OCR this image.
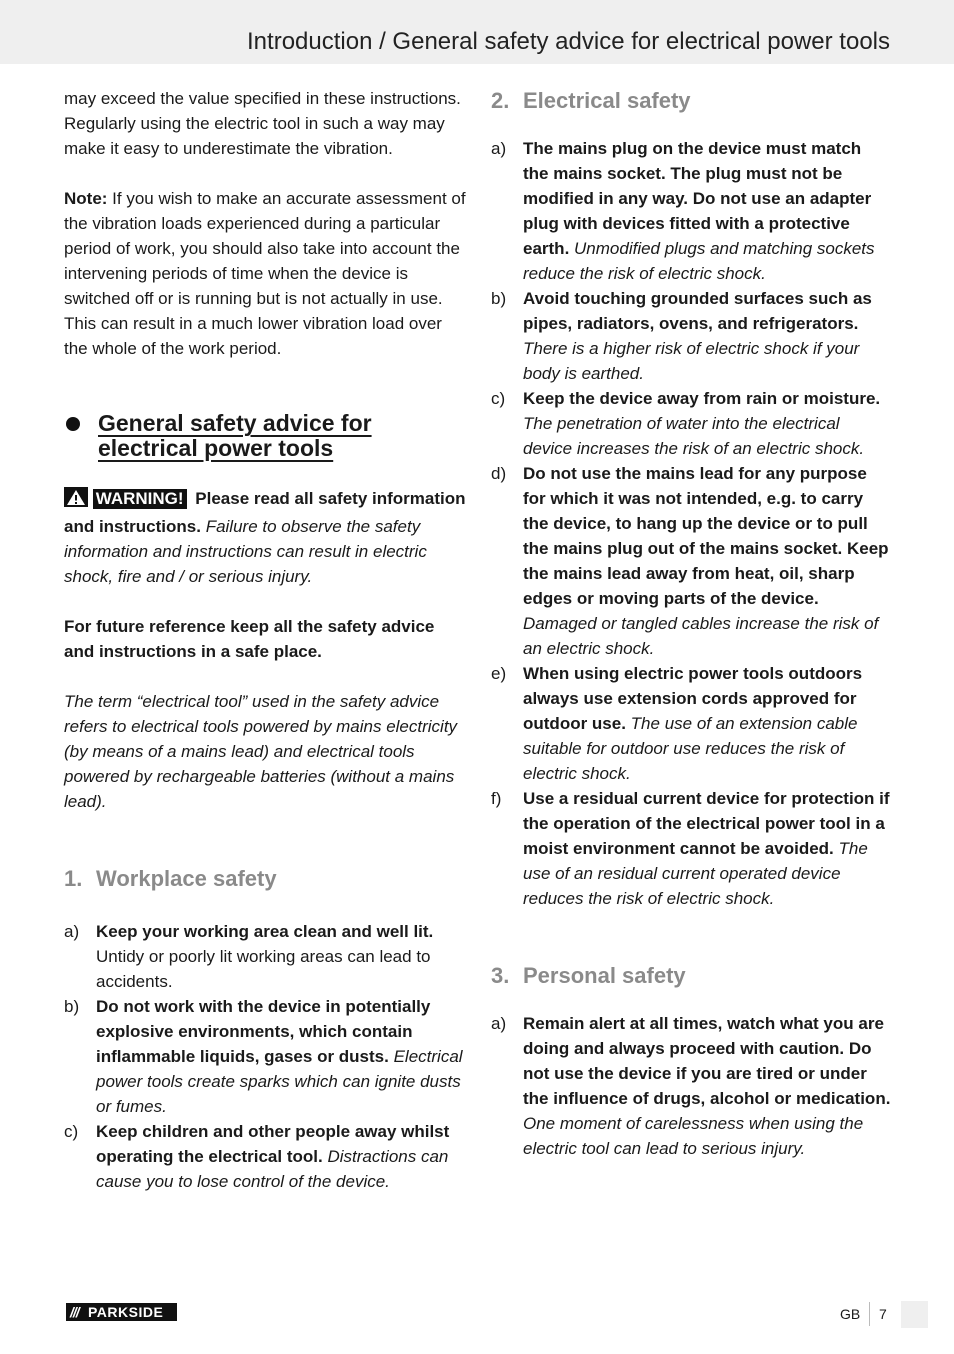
Introduction / General safety advice for electrical power tools

may exceed the value specified in these instructions. Regularly using the electric tool in such a way may make it easy to underestimate the vibration.

Note: If you wish to make an accurate assessment of the vibration loads experienced during a particular period of work, you should also take into account the intervening periods of time when the device is switched off or is running but is not actually in use. This can result in a much lower vibration load over the whole of the work period.

General safety advice for
electrical power tools

WARNING! Please read all safety information and instructions. Failure to observe the safety information and instructions can result in electric shock, fire and / or serious injury.

For future reference keep all the safety advice and instructions in a safe place.

The term “electrical tool” used in the safety advice refers to electrical tools powered by mains electricity (by means of a mains lead) and electrical tools powered by rechargeable batteries (without a mains lead).

1. Workplace safety
a) Keep your working area clean and well lit. Untidy or poorly lit working areas can lead to accidents.
b) Do not work with the device in potentially explosive environments, which contain inflammable liquids, gases or dusts. Electrical power tools create sparks which can ignite dusts or fumes.
c)	Keep children and other people away whilst operating the electrical tool. Distractions can cause you to lose control of the device.
2. Electrical safety
a) The mains plug on the device must match the mains socket. The plug must not be modified in any way. Do not use an adapter plug with devices fitted with a protective earth. Unmodified plugs and matching sockets reduce the risk of electric shock.
b) Avoid touching grounded surfaces such as pipes, radiators, ovens, and refrigerators. There is a higher risk of electric shock if your body is earthed.
c)	Keep the device away from rain or moisture. The penetration of water into the electrical device increases the risk of an electric shock.
d) Do not use the mains lead for any purpose for which it was not intended, e.g. to carry the device, to hang up the device or to pull the mains plug out of the mains socket. Keep the mains lead away from heat, oil, sharp edges or moving parts of the device. Damaged or tangled cables increase the risk of an electric shock.
e) When using electric power tools outdoors always use extension cords approved for outdoor use. The use of an extension cable suitable for outdoor use reduces the risk of electric shock.
f)	Use a residual current device for protection if the operation of the electrical power tool in a moist environment cannot be avoided. The use of an residual current operated device reduces the risk of electric shock.
3. Personal safety
a) Remain alert at all times, watch what you are doing and always proceed with caution. Do not use the device if you are tired or under the influence of drugs, alcohol or medication. One moment of carelessness when using the electric tool can lead to serious injury.
/// PARKSIDE	GB 7
